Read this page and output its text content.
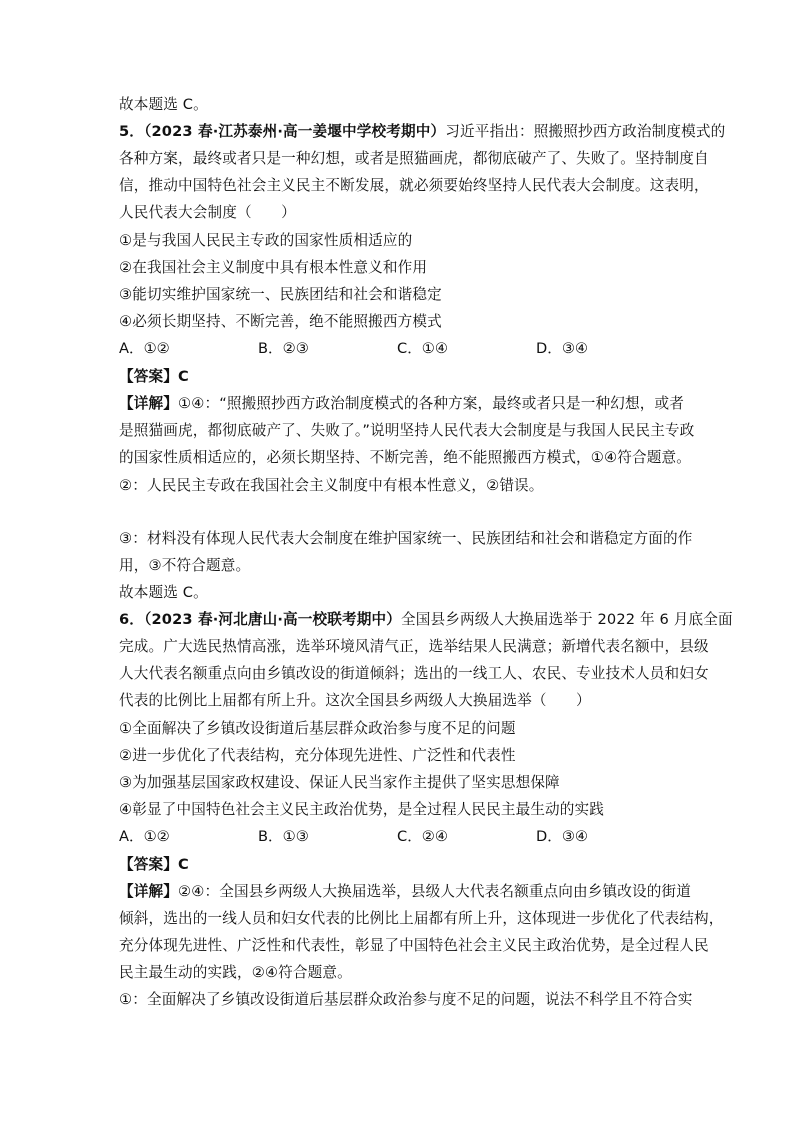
故本题选 C。
5．（2023 春·江苏泰州·高一姜堰中学校考期中）习近平指出：照搬照抄西方政治制度模式的
各种方案，最终或者只是一种幻想，或者是照猫画虎，都彻底破产了、失败了。坚持制度自
信，推动中国特色社会主义民主不断发展，就必须要始终坚持人民代表大会制度。这表明，
人民代表大会制度（　　）
①是与我国人民民主专政的国家性质相适应的
②在我国社会主义制度中具有根本性意义和作用
③能切实维护国家统一、民族团结和社会和谐稳定
④必须长期坚持、不断完善，绝不能照搬西方模式
A．①②	B．②③	C．①④	D．③④
【答案】C
【详解】①④：“照搬照抄西方政治制度模式的各种方案，最终或者只是一种幻想，或者
是照猫画虎，都彻底破产了、失败了。”说明坚持人民代表大会制度是与我国人民民主专政
的国家性质相适应的，必须长期坚持、不断完善，绝不能照搬西方模式，①④符合题意。
②：人民民主专政在我国社会主义制度中有根本性意义，②错误。
③：材料没有体现人民代表大会制度在维护国家统一、民族团结和社会和谐稳定方面的作
用，③不符合题意。
故本题选 C。
6．（2023 春·河北唐山·高一校联考期中）全国县乡两级人大换届选举于 2022 年 6 月底全面
完成。广大选民热情高涨，选举环境风清气正，选举结果人民满意；新增代表名额中，县级
人大代表名额重点向由乡镇改设的街道倾斜；选出的一线工人、农民、专业技术人员和妇女
代表的比例比上届都有所上升。这次全国县乡两级人大换届选举（　　）
①全面解决了乡镇改设街道后基层群众政治参与度不足的问题
②进一步优化了代表结构，充分体现先进性、广泛性和代表性
③为加强基层国家政权建设、保证人民当家作主提供了坚实思想保障
④彰显了中国特色社会主义民主政治优势，是全过程人民民主最生动的实践
A．①②	B．①③	C．②④	D．③④
【答案】C
【详解】②④：全国县乡两级人大换届选举，县级人大代表名额重点向由乡镇改设的街道
倾斜，选出的一线人员和妇女代表的比例比上届都有所上升，这体现进一步优化了代表结构，
充分体现先进性、广泛性和代表性，彰显了中国特色社会主义民主政治优势，是全过程人民
民主最生动的实践，②④符合题意。
①：全面解决了乡镇改设街道后基层群众政治参与度不足的问题，说法不科学且不符合实
